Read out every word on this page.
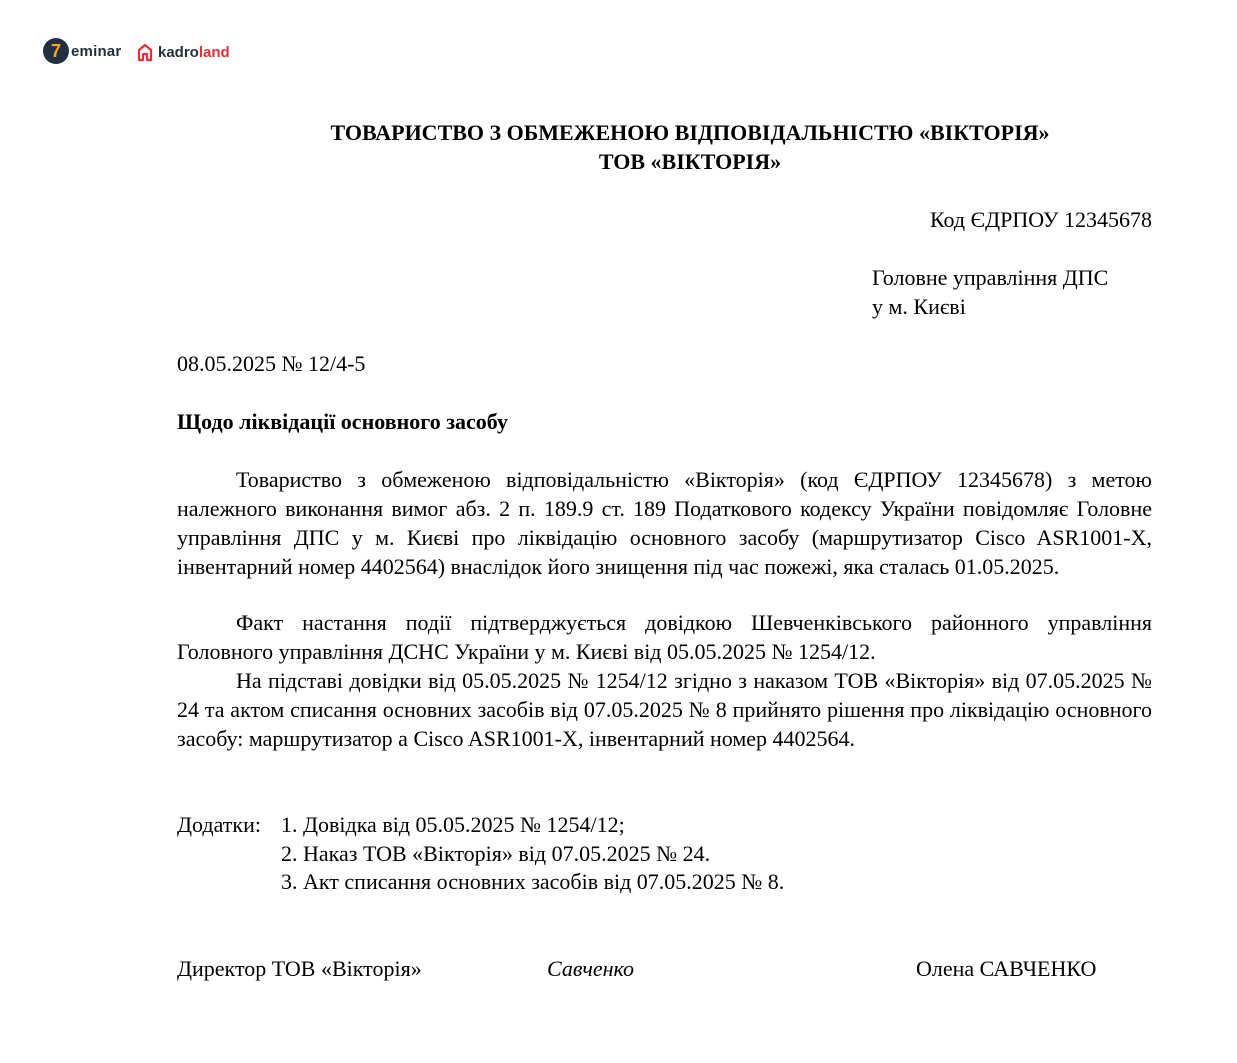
7 eminar kadroland
ТОВАРИСТВО З ОБМЕЖЕНОЮ ВІДПОВІДАЛЬНІСТЮ «ВІКТОРІЯ»
ТОВ «ВІКТОРІЯ»
Код ЄДРПОУ 12345678
Головне управління ДПС
у м. Києві
08.05.2025 № 12/4-5
Щодо ліквідації основного засобу
Товариство з обмеженою відповідальністю «Вікторія» (код ЄДРПОУ 12345678) з метою належного виконання вимог абз. 2 п. 189.9 ст. 189 Податкового кодексу України повідомляє Головне управління ДПС у м. Києві про ліквідацію основного засобу (маршрутизатор Cisco ASR1001-X, інвентарний номер 4402564) внаслідок його знищення під час пожежі, яка сталась 01.05.2025.
Факт настання події підтверджується довідкою Шевченківського районного управління Головного управління ДСНС України у м. Києві від 05.05.2025 № 1254/12.
На підставі довідки від 05.05.2025 № 1254/12 згідно з наказом ТОВ «Вікторія» від 07.05.2025 № 24 та актом списання основних засобів від 07.05.2025 № 8 прийнято рішення про ліквідацію основного засобу: маршрутизатор а Cisco ASR1001-X, інвентарний номер 4402564.
Додатки: 1. Довідка від 05.05.2025 № 1254/12;
2. Наказ ТОВ «Вікторія» від 07.05.2025 № 24.
3. Акт списання основних засобів від 07.05.2025 № 8.
Директор ТОВ «Вікторія»	Савченко	Олена САВЧЕНКО
